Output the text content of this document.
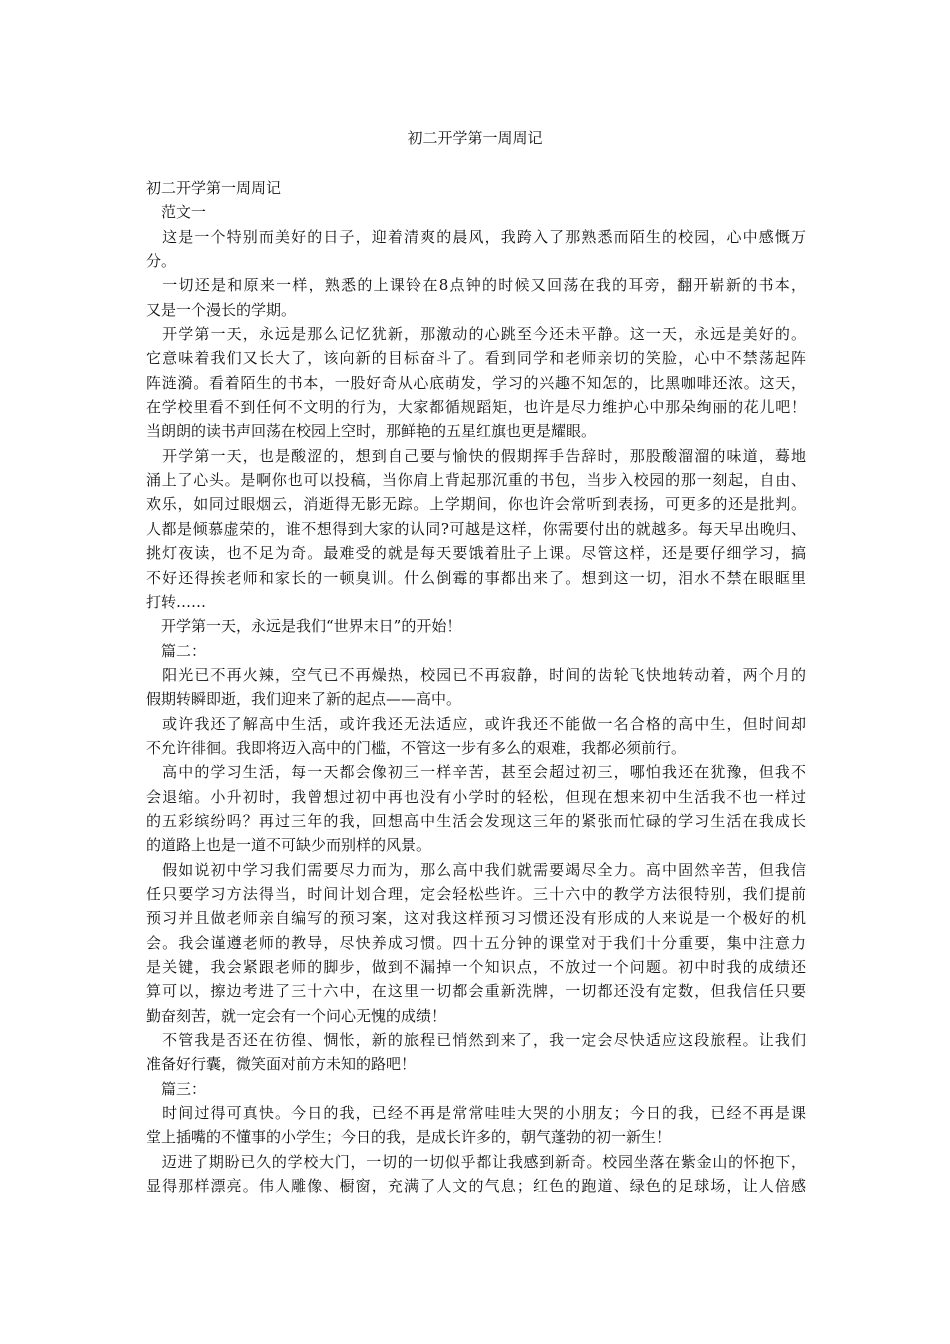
初二开学第一周周记
初二开学第一周周记
　范文一
　这是一个特别而美好的日子，迎着清爽的晨风，我跨入了那熟悉而陌生的校园，心中感慨万
分。
　一切还是和原来一样，熟悉的上课铃在8点钟的时候又回荡在我的耳旁，翻开崭新的书本，
又是一个漫长的学期。
　开学第一天，永远是那么记忆犹新，那激动的心跳至今还未平静。这一天，永远是美好的。
它意味着我们又长大了，该向新的目标奋斗了。看到同学和老师亲切的笑脸，心中不禁荡起阵
阵涟漪。看着陌生的书本，一股好奇从心底萌发，学习的兴趣不知怎的，比黑咖啡还浓。这天，
在学校里看不到任何不文明的行为，大家都循规蹈矩，也许是尽力维护心中那朵绚丽的花儿吧！
当朗朗的读书声回荡在校园上空时，那鲜艳的五星红旗也更是耀眼。
　开学第一天，也是酸涩的，想到自己要与愉快的假期挥手告辞时，那股酸溜溜的味道，蓦地
涌上了心头。是啊你也可以投稿，当你肩上背起那沉重的书包，当步入校园的那一刻起，自由、
欢乐，如同过眼烟云，消逝得无影无踪。上学期间，你也许会常听到表扬，可更多的还是批判。
人都是倾慕虚荣的，谁不想得到大家的认同?可越是这样，你需要付出的就越多。每天早出晚归、
挑灯夜读，也不足为奇。最难受的就是每天要饿着肚子上课。尽管这样，还是要仔细学习，搞
不好还得挨老师和家长的一顿臭训。什么倒霉的事都出来了。想到这一切，泪水不禁在眼眶里
打转……
　开学第一天，永远是我们“世界末日”的开始！
　篇二：
　阳光已不再火辣，空气已不再燥热，校园已不再寂静，时间的齿轮飞快地转动着，两个月的
假期转瞬即逝，我们迎来了新的起点——高中。
　或许我还了解高中生活，或许我还无法适应，或许我还不能做一名合格的高中生，但时间却
不允许徘徊。我即将迈入高中的门槛，不管这一步有多么的艰难，我都必须前行。
　高中的学习生活，每一天都会像初三一样辛苦，甚至会超过初三，哪怕我还在犹豫，但我不
会退缩。小升初时，我曾想过初中再也没有小学时的轻松，但现在想来初中生活我不也一样过
的五彩缤纷吗？再过三年的我，回想高中生活会发现这三年的紧张而忙碌的学习生活在我成长
的道路上也是一道不可缺少而别样的风景。
　假如说初中学习我们需要尽力而为，那么高中我们就需要竭尽全力。高中固然辛苦，但我信
任只要学习方法得当，时间计划合理，定会轻松些许。三十六中的教学方法很特别，我们提前
预习并且做老师亲自编写的预习案，这对我这样预习习惯还没有形成的人来说是一个极好的机
会。我会谨遵老师的教导，尽快养成习惯。四十五分钟的课堂对于我们十分重要，集中注意力
是关键，我会紧跟老师的脚步，做到不漏掉一个知识点，不放过一个问题。初中时我的成绩还
算可以，擦边考进了三十六中，在这里一切都会重新洗牌，一切都还没有定数，但我信任只要
勤奋刻苦，就一定会有一个问心无愧的成绩！
　不管我是否还在彷徨、惆怅，新的旅程已悄然到来了，我一定会尽快适应这段旅程。让我们
准备好行囊，微笑面对前方未知的路吧！
　篇三：
　时间过得可真快。今日的我，已经不再是常常哇哇大哭的小朋友；今日的我，已经不再是课
堂上插嘴的不懂事的小学生；今日的我，是成长许多的，朝气蓬勃的初一新生！
　迈进了期盼已久的学校大门，一切的一切似乎都让我感到新奇。校园坐落在紫金山的怀抱下，
显得那样漂亮。伟人雕像、橱窗，充满了人文的气息；红色的跑道、绿色的足球场，让人倍感
